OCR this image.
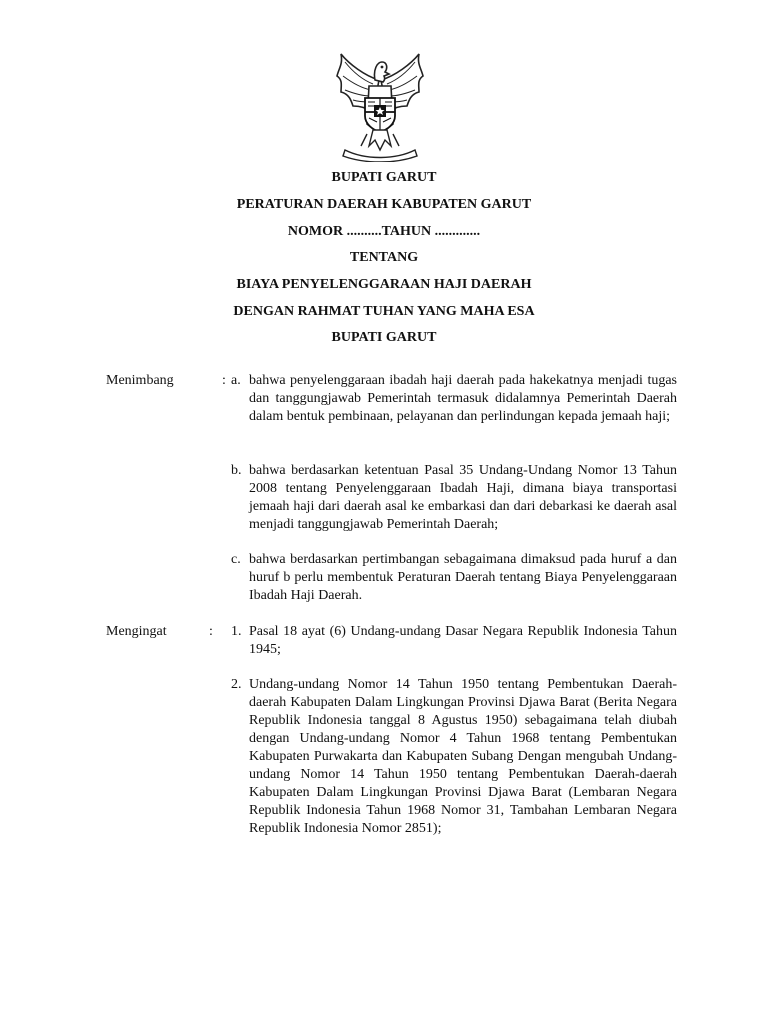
BUPATI GARUT
PERATURAN DAERAH KABUPATEN GARUT
NOMOR ..........TAHUN .............
TENTANG
BIAYA PENYELENGGARAAN HAJI DAERAH
DENGAN RAHMAT TUHAN YANG MAHA ESA
BUPATI GARUT
Menimbang	: a. bahwa penyelenggaraan ibadah haji daerah pada hakekatnya menjadi tugas dan tanggungjawab Pemerintah termasuk didalamnya Pemerintah Daerah dalam bentuk pembinaan, pelayanan dan perlindungan kepada jemaah haji;
b. bahwa berdasarkan ketentuan Pasal 35 Undang-Undang Nomor 13 Tahun 2008 tentang Penyelenggaraan Ibadah Haji, dimana biaya transportasi jemaah haji dari daerah asal ke embarkasi dan dari debarkasi ke daerah asal menjadi tanggungjawab Pemerintah Daerah;
c. bahwa berdasarkan pertimbangan sebagaimana dimaksud pada huruf a dan huruf b perlu membentuk Peraturan Daerah tentang Biaya Penyelenggaraan Ibadah Haji Daerah.
Mengingat	: 1. Pasal 18 ayat (6) Undang-undang Dasar Negara Republik Indonesia Tahun 1945;
2. Undang-undang Nomor 14 Tahun 1950 tentang Pembentukan Daerah-daerah Kabupaten Dalam Lingkungan Provinsi Djawa Barat (Berita Negara Republik Indonesia tanggal 8 Agustus 1950) sebagaimana telah diubah dengan Undang-undang Nomor 4 Tahun 1968 tentang Pembentukan Kabupaten Purwakarta dan Kabupaten Subang Dengan mengubah Undang-undang Nomor 14 Tahun 1950 tentang Pembentukan Daerah-daerah Kabupaten Dalam Lingkungan Provinsi Djawa Barat (Lembaran Negara Republik Indonesia Tahun 1968 Nomor 31, Tambahan Lembaran Negara Republik Indonesia Nomor 2851);
